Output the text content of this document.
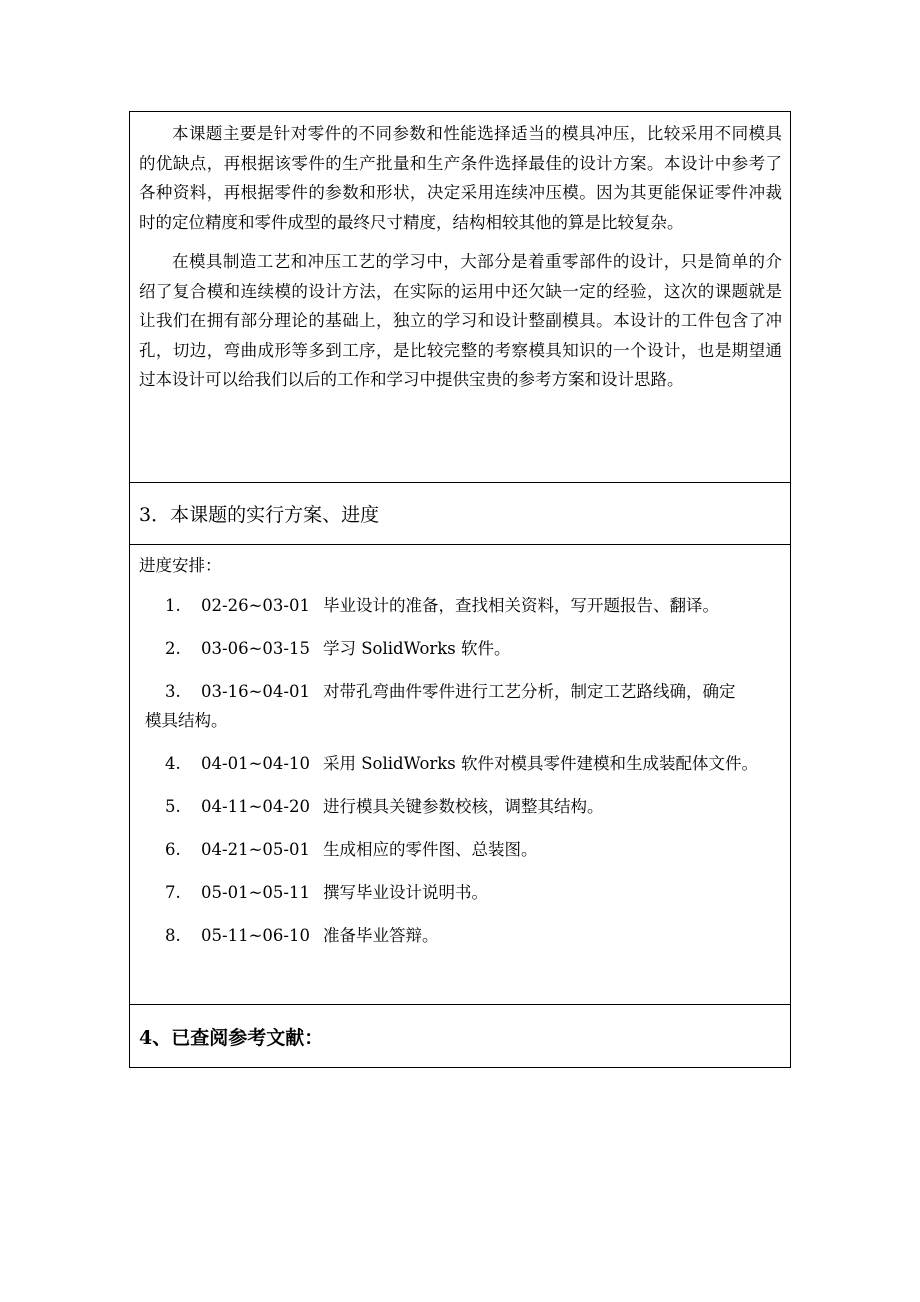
本课题主要是针对零件的不同参数和性能选择适当的模具冲压，比较采用不同模具的优缺点，再根据该零件的生产批量和生产条件选择最佳的设计方案。本设计中参考了各种资料，再根据零件的参数和形状，决定采用连续冲压模。因为其更能保证零件冲裁时的定位精度和零件成型的最终尺寸精度，结构相较其他的算是比较复杂。

在模具制造工艺和冲压工艺的学习中，大部分是着重零部件的设计，只是简单的介绍了复合模和连续模的设计方法，在实际的运用中还欠缺一定的经验，这次的课题就是让我们在拥有部分理论的基础上，独立的学习和设计整副模具。本设计的工件包含了冲孔，切边，弯曲成形等多到工序，是比较完整的考察模具知识的一个设计，也是期望通过本设计可以给我们以后的工作和学习中提供宝贵的参考方案和设计思路。

3．本课题的实行方案、进度
进度安排：
1. 02-26~03-01 毕业设计的准备，查找相关资料，写开题报告、翻译。
2. 03-06~03-15 学习 SolidWorks 软件。
3. 03-16~04-01 对带孔弯曲件零件进行工艺分析，制定工艺路线确，确定
模具结构。
4. 04-01~04-10 采用 SolidWorks 软件对模具零件建模和生成装配体文件。
5. 04-11~04-20 进行模具关键参数校核，调整其结构。
6. 04-21~05-01 生成相应的零件图、总装图。
7. 05-01~05-11 撰写毕业设计说明书。
8. 05-11~06-10 准备毕业答辩。
4、已查阅参考文献：
